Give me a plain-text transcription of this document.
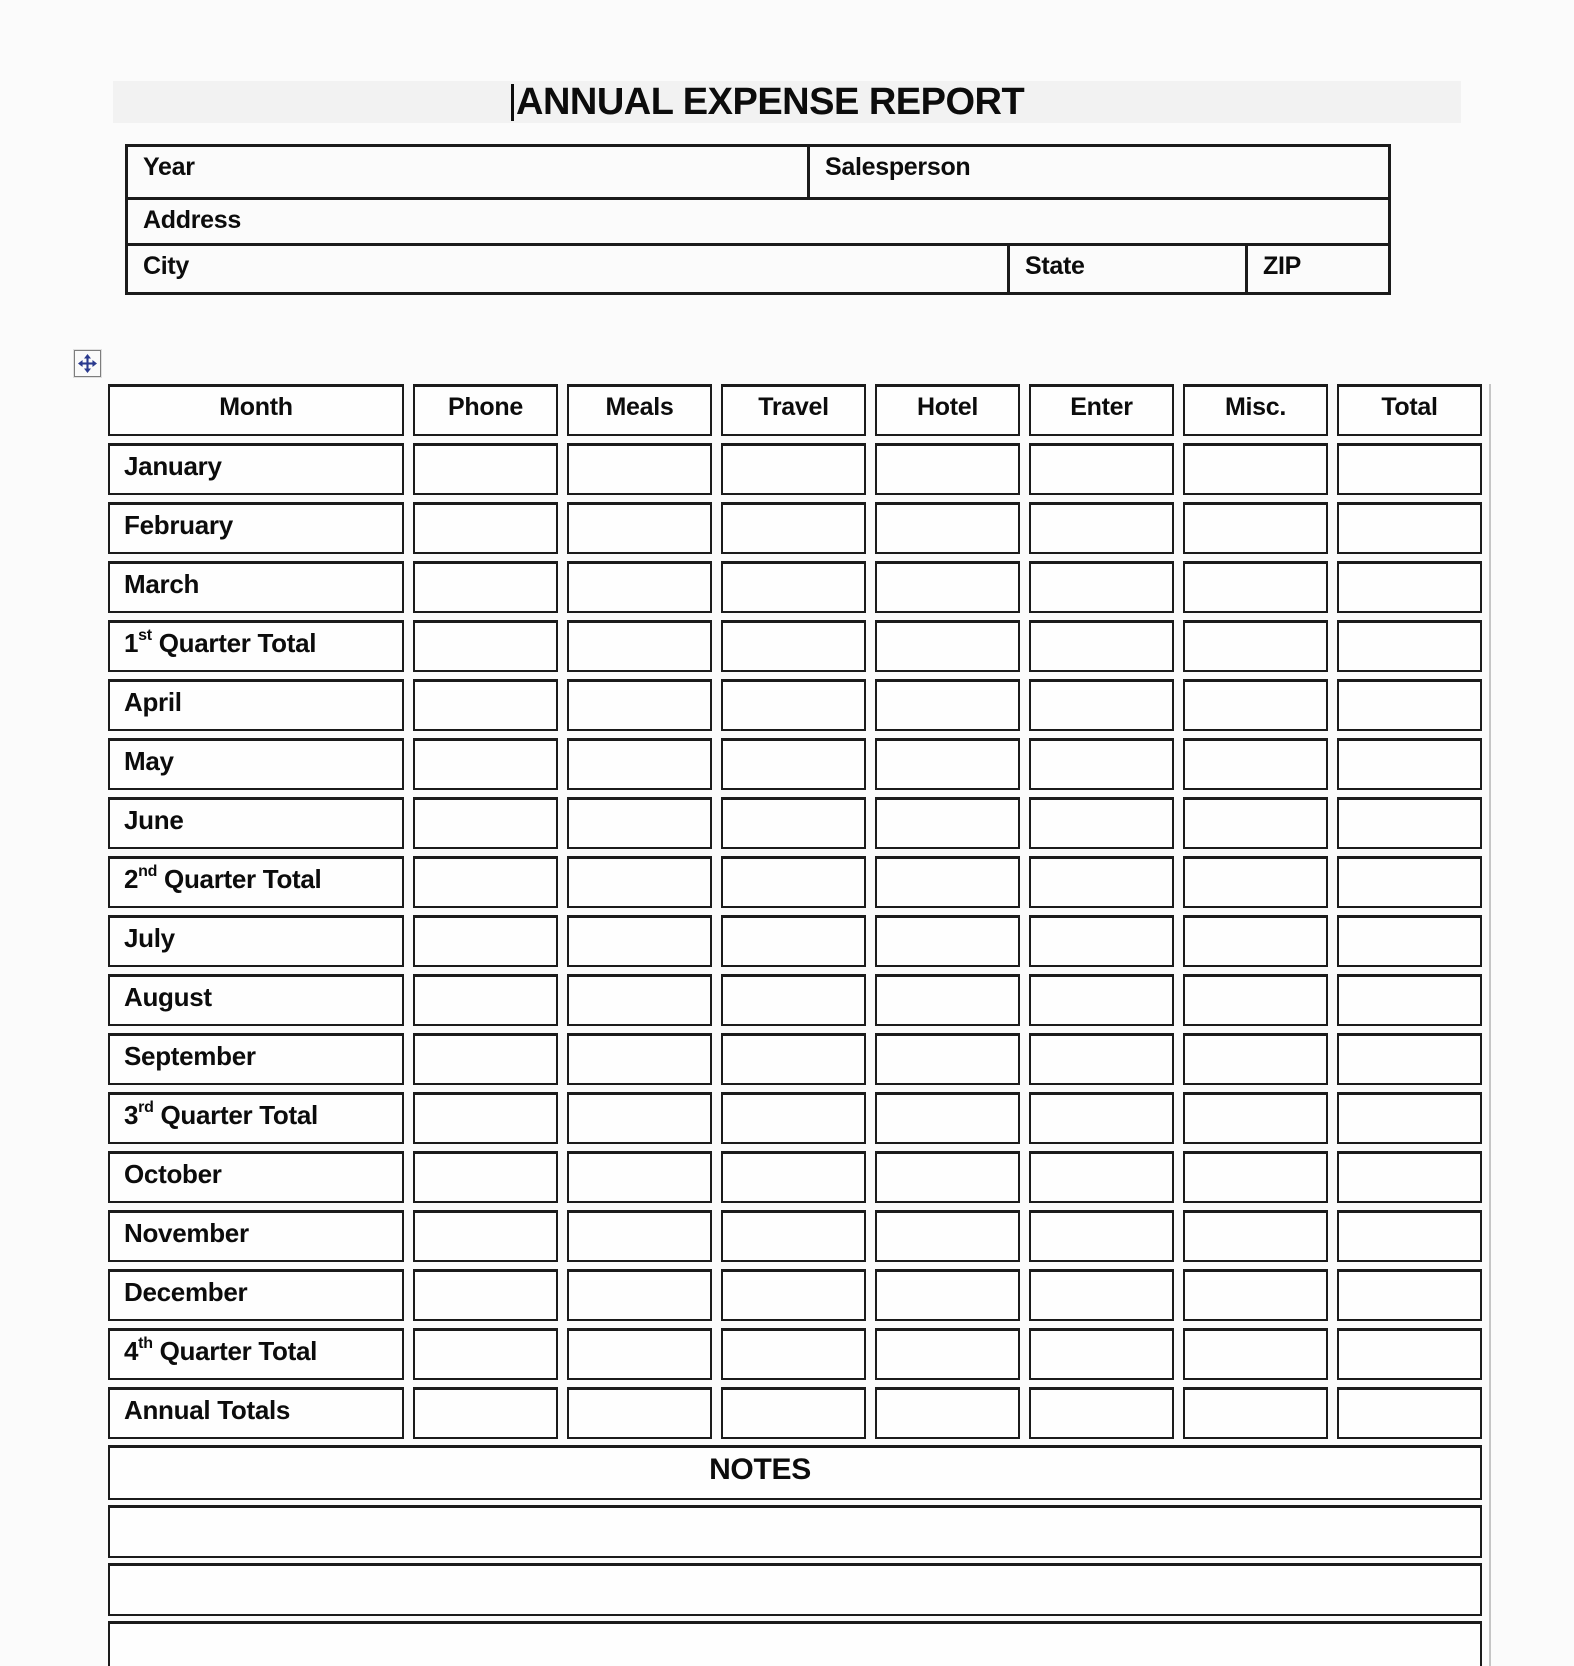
ANNUAL EXPENSE REPORT
Year	Salesperson
Address
City	State	ZIP
Month	Phone	Meals	Travel	Hotel	Enter	Misc.	Total
January
February
March
1st Quarter Total
April
May
June
2nd Quarter Total
July
August
September
3rd Quarter Total
October
November
December
4th Quarter Total
Annual Totals
NOTES
